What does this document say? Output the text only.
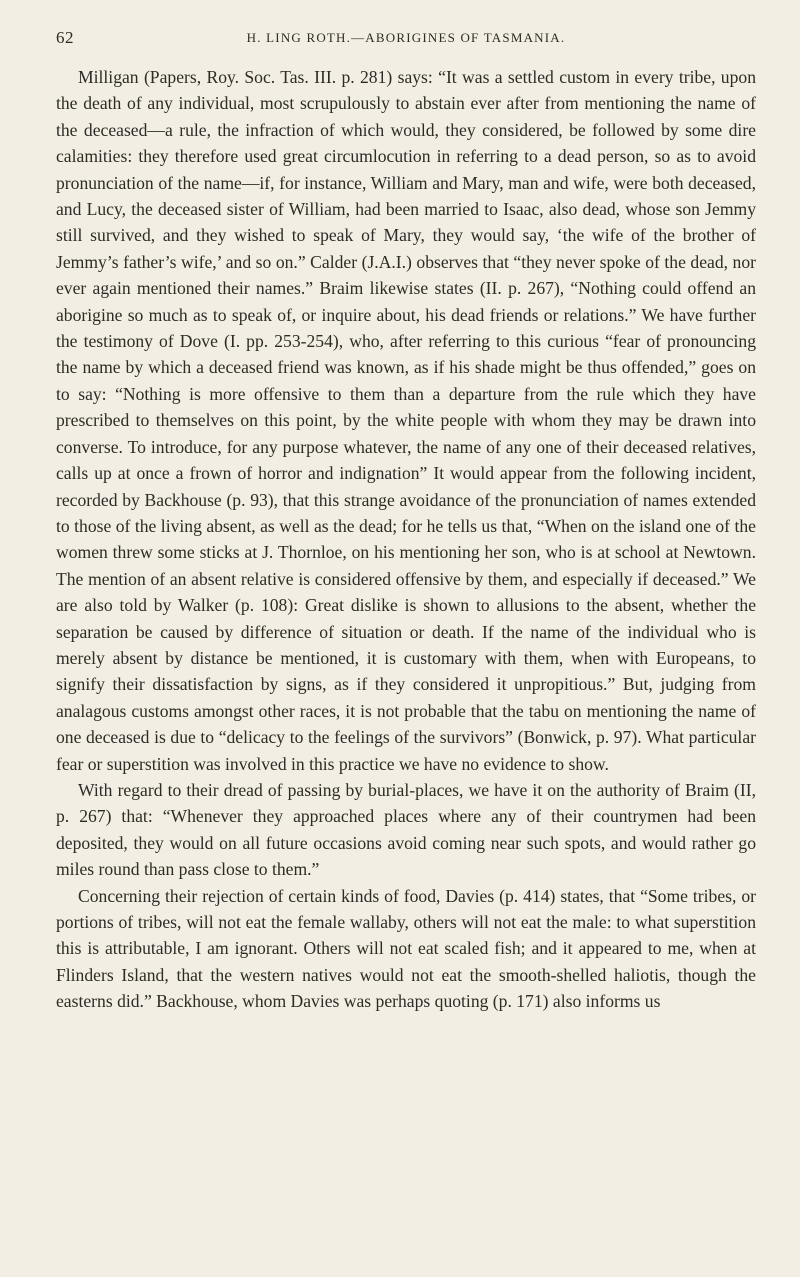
62	H. LING ROTH.—ABORIGINES OF TASMANIA.

Milligan (Papers, Roy. Soc. Tas. III. p. 281) says: “It was a settled custom in every tribe, upon the death of any individual, most scrupulously to abstain ever after from mentioning the name of the deceased—a rule, the infraction of which would, they considered, be followed by some dire calamities: they therefore used great circumlocution in referring to a dead person, so as to avoid pronunciation of the name—if, for instance, William and Mary, man and wife, were both deceased, and Lucy, the deceased sister of William, had been married to Isaac, also dead, whose son Jemmy still survived, and they wished to speak of Mary, they would say, ‘the wife of the brother of Jemmy’s father’s wife,’ and so on.” Calder (J.A.I.) observes that “they never spoke of the dead, nor ever again mentioned their names.” Braim likewise states (II. p. 267), “Nothing could offend an aborigine so much as to speak of, or inquire about, his dead friends or relations.” We have further the testimony of Dove (I. pp. 253-254), who, after referring to this curious “fear of pronouncing the name by which a deceased friend was known, as if his shade might be thus offended,” goes on to say: “Nothing is more offensive to them than a departure from the rule which they have prescribed to themselves on this point, by the white people with whom they may be drawn into converse. To introduce, for any purpose whatever, the name of any one of their deceased relatives, calls up at once a frown of horror and indignation” It would appear from the following incident, recorded by Backhouse (p. 93), that this strange avoidance of the pronunciation of names extended to those of the living absent, as well as the dead; for he tells us that, “When on the island one of the women threw some sticks at J. Thornloe, on his mentioning her son, who is at school at Newtown. The mention of an absent relative is considered offensive by them, and especially if deceased.” We are also told by Walker (p. 108): Great dislike is shown to allusions to the absent, whether the separation be caused by difference of situation or death. If the name of the individual who is merely absent by distance be mentioned, it is customary with them, when with Europeans, to signify their dissatisfaction by signs, as if they considered it unpropitious.” But, judging from analagous customs amongst other races, it is not probable that the tabu on mentioning the name of one deceased is due to “delicacy to the feelings of the survivors” (Bonwick, p. 97). What particular fear or superstition was involved in this practice we have no evidence to show.

With regard to their dread of passing by burial-places, we have it on the authority of Braim (II, p. 267) that: “Whenever they approached places where any of their countrymen had been deposited, they would on all future occasions avoid coming near such spots, and would rather go miles round than pass close to them.”

Concerning their rejection of certain kinds of food, Davies (p. 414) states, that “Some tribes, or portions of tribes, will not eat the female wallaby, others will not eat the male: to what superstition this is attributable, I am ignorant. Others will not eat scaled fish; and it appeared to me, when at Flinders Island, that the western natives would not eat the smooth-shelled haliotis, though the easterns did.” Backhouse, whom Davies was perhaps quoting (p. 171) also informs us
